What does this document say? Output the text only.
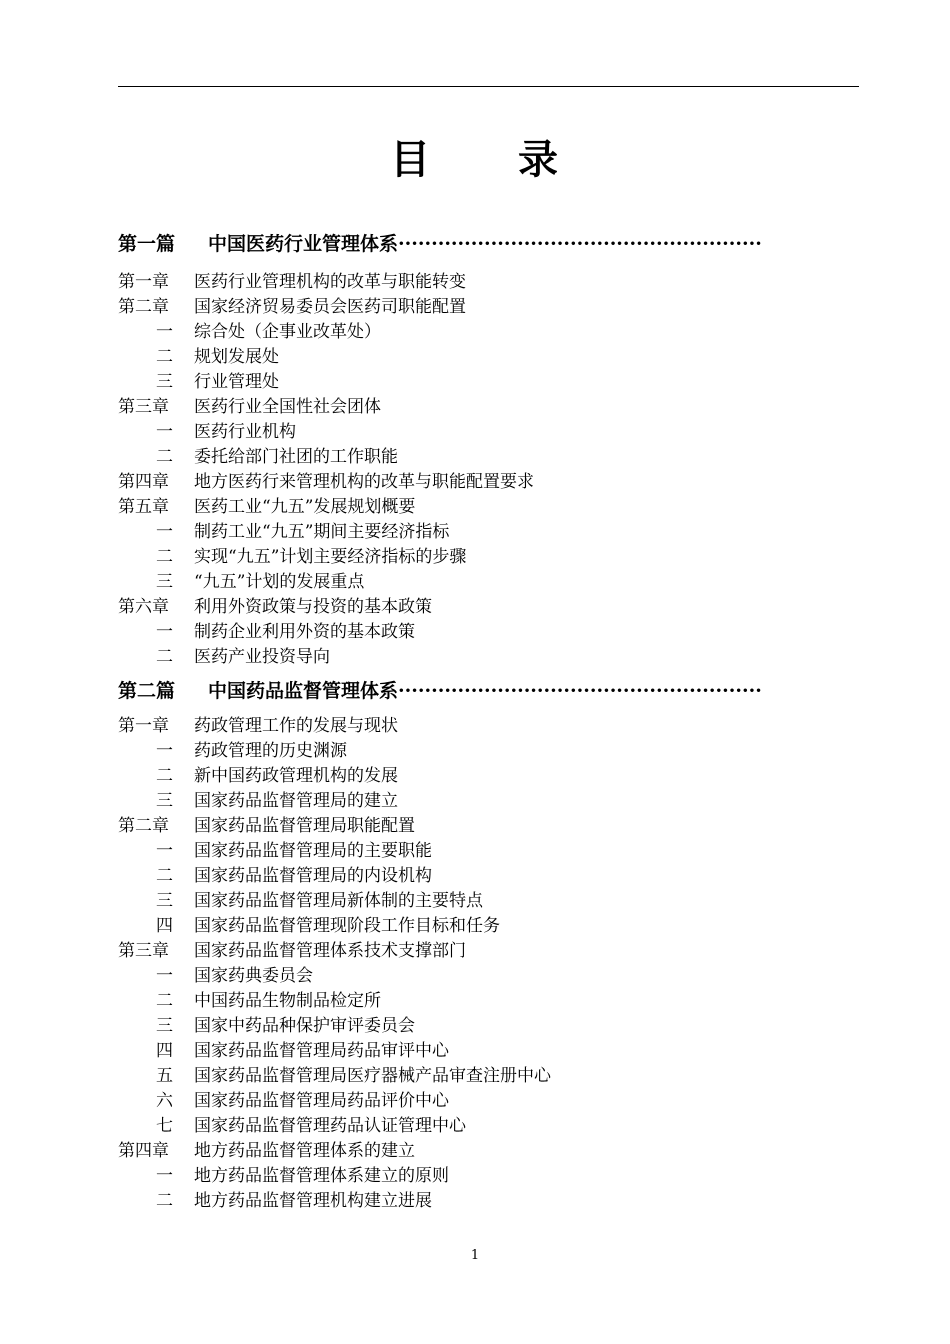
目 录
第一篇 中国医药行业管理体系·······················································
第一章 医药行业管理机构的改革与职能转变
第二章 国家经济贸易委员会医药司职能配置
一 综合处（企事业改革处）
二 规划发展处
三 行业管理处
第三章 医药行业全国性社会团体
一 医药行业机构
二 委托给部门社团的工作职能
第四章 地方医药行来管理机构的改革与职能配置要求
第五章 医药工业“九五”发展规划概要
一 制药工业“九五”期间主要经济指标
二 实现“九五”计划主要经济指标的步骤
三 “九五”计划的发展重点
第六章 利用外资政策与投资的基本政策
一 制药企业利用外资的基本政策
二 医药产业投资导向
第二篇 中国药品监督管理体系·······················································
第一章 药政管理工作的发展与现状
一 药政管理的历史渊源
二 新中国药政管理机构的发展
三 国家药品监督管理局的建立
第二章 国家药品监督管理局职能配置
一 国家药品监督管理局的主要职能
二 国家药品监督管理局的内设机构
三 国家药品监督管理局新体制的主要特点
四 国家药品监督管理现阶段工作目标和任务
第三章 国家药品监督管理体系技术支撑部门
一 国家药典委员会
二 中国药品生物制品检定所
三 国家中药品种保护审评委员会
四 国家药品监督管理局药品审评中心
五 国家药品监督管理局医疗器械产品审查注册中心
六 国家药品监督管理局药品评价中心
七 国家药品监督管理药品认证管理中心
第四章 地方药品监督管理体系的建立
一 地方药品监督管理体系建立的原则
二 地方药品监督管理机构建立进展
1
